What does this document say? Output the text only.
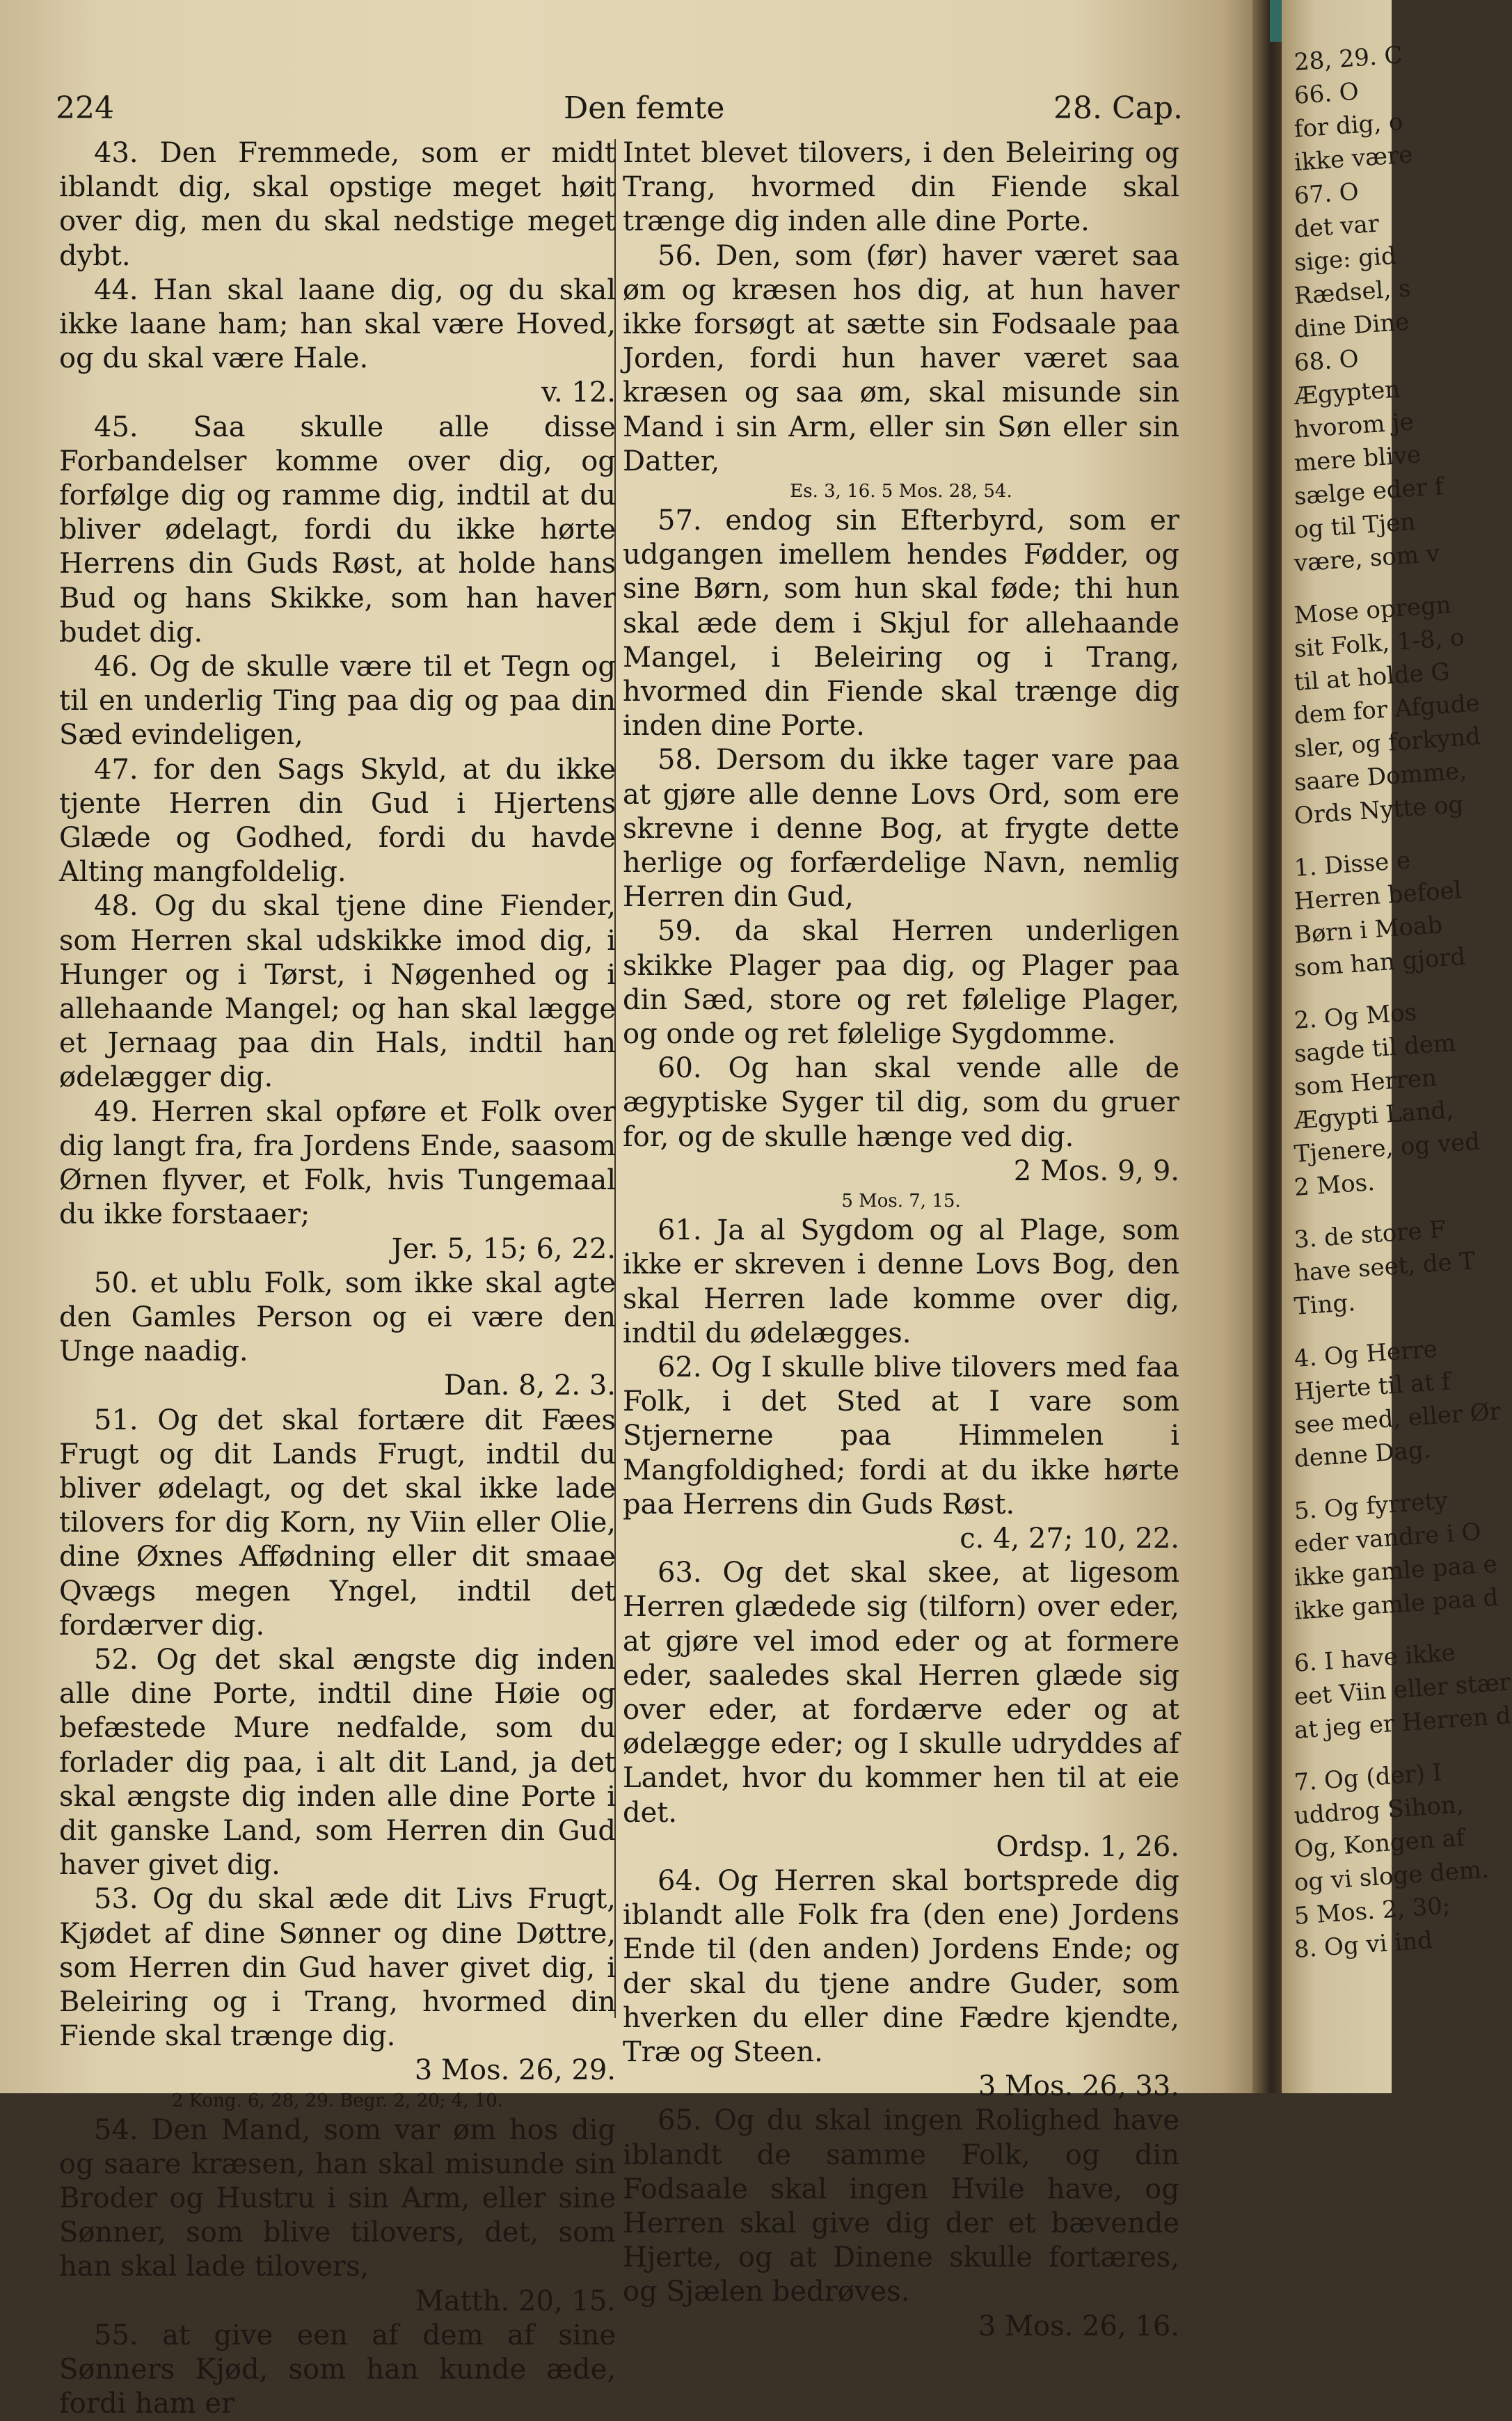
224	Den femte	28. Cap.

43. Den Fremmede, som er midt iblandt dig, skal opstige meget høit over dig, men du skal nedstige meget dybt.

44. Han skal laane dig, og du skal ikke laane ham; han skal være Hoved, og du skal være Hale.
v. 12.

45. Saa skulle alle disse Forbandelser komme over dig, og forfølge dig og ramme dig, indtil at du bliver ødelagt, fordi du ikke hørte Herrens din Guds Røst, at holde hans Bud og hans Skikke, som han haver budet dig.

46. Og de skulle være til et Tegn og til en underlig Ting paa dig og paa din Sæd evindeligen,

47. for den Sags Skyld, at du ikke tjente Herren din Gud i Hjertens Glæde og Godhed, fordi du havde Alting mangfoldelig.

48. Og du skal tjene dine Fiender, som Herren skal udskikke imod dig, i Hunger og i Tørst, i Nøgenhed og i allehaande Mangel; og han skal lægge et Jernaag paa din Hals, indtil han ødelægger dig.

49. Herren skal opføre et Folk over dig langt fra, fra Jordens Ende, saasom Ørnen flyver, et Folk, hvis Tungemaal du ikke forstaaer;
Jer. 5, 15; 6, 22.

50. et ublu Folk, som ikke skal agte den Gamles Person og ei være den Unge naadig.
Dan. 8, 2. 3.

51. Og det skal fortære dit Fæes Frugt og dit Lands Frugt, indtil du bliver ødelagt, og det skal ikke lade tilovers for dig Korn, ny Viin eller Olie, dine Øxnes Affødning eller dit smaae Qvægs megen Yngel, indtil det fordærver dig.

52. Og det skal ængste dig inden alle dine Porte, indtil dine Høie og befæstede Mure nedfalde, som du forlader dig paa, i alt dit Land, ja det skal ængste dig inden alle dine Porte i dit ganske Land, som Herren din Gud haver givet dig.

53. Og du skal æde dit Livs Frugt, Kjødet af dine Sønner og dine Døttre, som Herren din Gud haver givet dig, i Beleiring og i Trang, hvormed din Fiende skal trænge dig.
3 Mos. 26, 29.

2 Kong. 6, 28, 29. Begr. 2, 20; 4, 10.

54. Den Mand, som var øm hos dig og saare kræsen, han skal misunde sin Broder og Hustru i sin Arm, eller sine Sønner, som blive tilovers, det, som han skal lade tilovers,
Matth. 20, 15.

55. at give een af dem af sine Sønners Kjød, som han kunde æde, fordi ham er

Intet blevet tilovers, i den Beleiring og Trang, hvormed din Fiende skal trænge dig inden alle dine Porte.

56. Den, som (før) haver været saa øm og kræsen hos dig, at hun haver ikke forsøgt at sætte sin Fodsaale paa Jorden, fordi hun haver været saa kræsen og saa øm, skal misunde sin Mand i sin Arm, eller sin Søn eller sin Datter,

Es. 3, 16. 5 Mos. 28, 54.

57. endog sin Efterbyrd, som er udgangen imellem hendes Fødder, og sine Børn, som hun skal føde; thi hun skal æde dem i Skjul for allehaande Mangel, i Beleiring og i Trang, hvormed din Fiende skal trænge dig inden dine Porte.

58. Dersom du ikke tager vare paa at gjøre alle denne Lovs Ord, som ere skrevne i denne Bog, at frygte dette herlige og forfærdelige Navn, nemlig Herren din Gud,

59. da skal Herren underligen skikke Plager paa dig, og Plager paa din Sæd, store og ret følelige Plager, og onde og ret følelige Sygdomme.

60. Og han skal vende alle de ægyptiske Syger til dig, som du gruer for, og de skulle hænge ved dig.
2 Mos. 9, 9.

5 Mos. 7, 15.

61. Ja al Sygdom og al Plage, som ikke er skreven i denne Lovs Bog, den skal Herren lade komme over dig, indtil du ødelægges.

62. Og I skulle blive tilovers med faa Folk, i det Sted at I vare som Stjernerne paa Himmelen i Mangfoldighed; fordi at du ikke hørte paa Herrens din Guds Røst.
c. 4, 27; 10, 22.

63. Og det skal skee, at ligesom Herren glædede sig (tilforn) over eder, at gjøre vel imod eder og at formere eder, saaledes skal Herren glæde sig over eder, at fordærve eder og at ødelægge eder; og I skulle udryddes af Landet, hvor du kommer hen til at eie det.
Ordsp. 1, 26.

64. Og Herren skal bortsprede dig iblandt alle Folk fra (den ene) Jordens Ende til (den anden) Jordens Ende; og der skal du tjene andre Guder, som hverken du eller dine Fædre kjendte, Træ og Steen.
3 Mos. 26, 33.

65. Og du skal ingen Rolighed have iblandt de samme Folk, og din Fodsaale skal ingen Hvile have, og Herren skal give dig der et bævende Hjerte, og at Dinene skulle fortæres, og Sjælen bedrøves.
3 Mos. 26, 16.

28, 29. C
66. O
for dig, o
ikke være
67. O
det var
sige: gid
Rædsel, s
dine Dine
68. O
Ægypten
hvorom je
mere blive
sælge eder f
og til Tjen
være, som v
Mose opregn
sit Folk, 1-8, o
til at holde G
dem for Afgude
sler, og forkynd
saare Domme,
Ords Nytte og
1. Disse e
Herren befoel
Børn i Moab
som han gjord
2. Og Mos
sagde til dem
som Herren
Ægypti Land,
Tjenere, og ved
2 Mos.
3. de store F
have seet, de T
Ting.
4. Og Herre
Hjerte til at f
see med, eller Ør
denne Dag.
5. Og fyrrety
eder vandre i O
ikke gamle paa e
ikke gamle paa d
6. I have ikke
eet Viin eller stær
at jeg er Herren d
7. Og (der) I
uddrog Sihon,
Og, Kongen af
og vi sloge dem.
5 Mos. 2, 30;
8. Og vi ind
